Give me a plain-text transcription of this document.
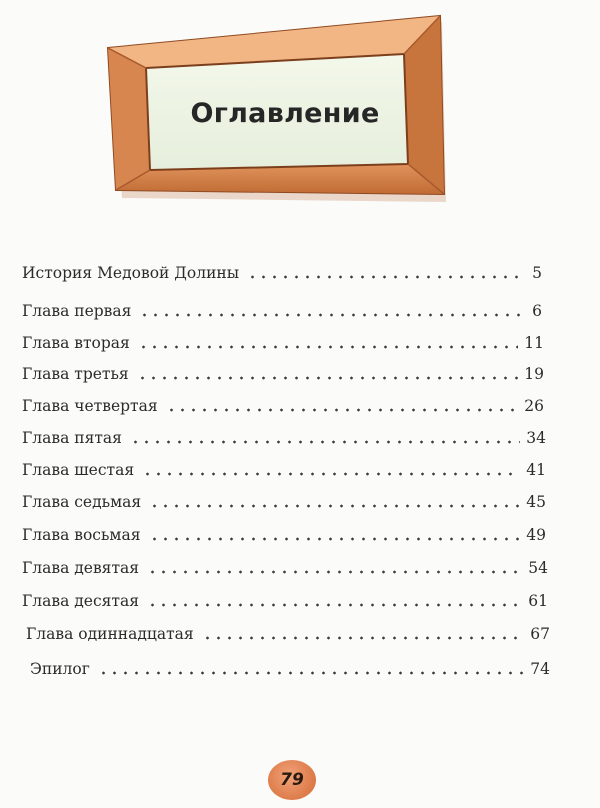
Оглавление
История Медовой Долины	5
Глава первая	6
Глава вторая	11
Глава третья	19
Глава четвертая	26
Глава пятая	34
Глава шестая	41
Глава седьмая	45
Глава восьмая	49
Глава девятая	54
Глава десятая	61
Глава одиннадцатая	67
Эпилог	74
79
